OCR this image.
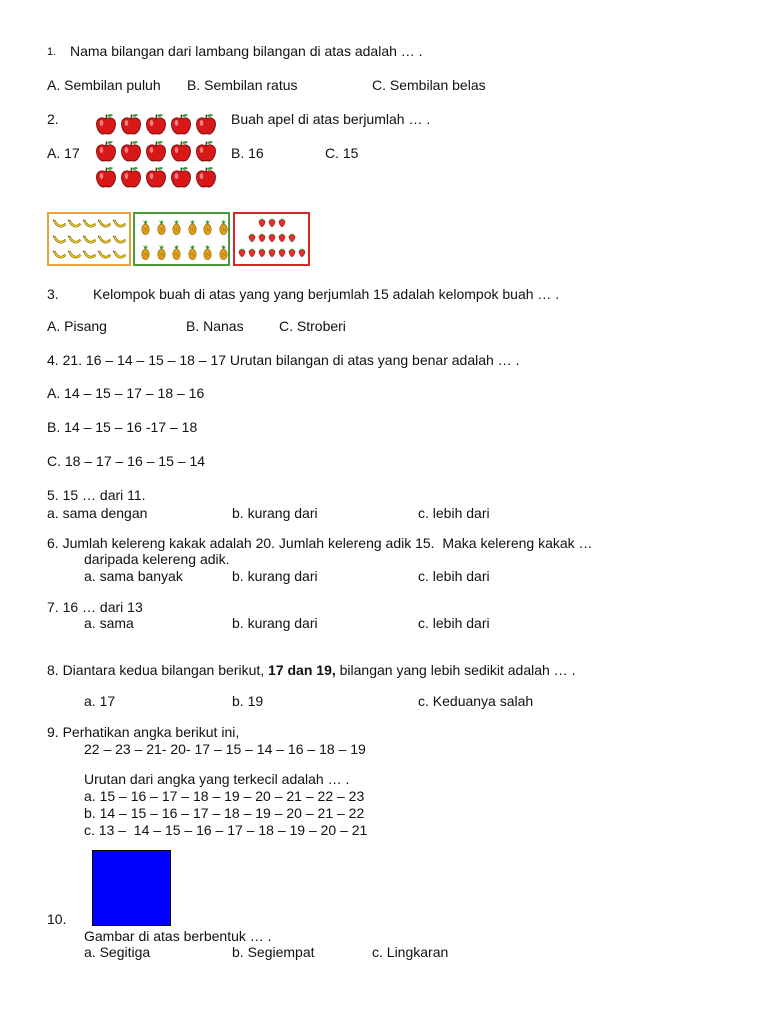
1. Nama bilangan dari lambang bilangan di atas adalah … .
A. Sembilan puluh B. Sembilan ratus	C. Sembilan belas
2.	Buah apel di atas berjumlah … .
A. 17	B. 16	C. 15
3. Kelompok buah di atas yang yang berjumlah 15 adalah kelompok buah … .
A. Pisang	B. Nanas	C. Stroberi
4. 21. 16 – 14 – 15 – 18 – 17 Urutan bilangan di atas yang benar adalah … .
A. 14 – 15 – 17 – 18 – 16
B. 14 – 15 – 16 -17 – 18
C. 18 – 17 – 16 – 15 – 14
5. 15 … dari 11.
a. sama dengan	b. kurang dari	c. lebih dari
6. Jumlah kelereng kakak adalah 20. Jumlah kelereng adik 15.  Maka kelereng kakak …
daripada kelereng adik.
a. sama banyak	b. kurang dari	c. lebih dari
7. 16 … dari 13
a. sama	b. kurang dari	c. lebih dari
8. Diantara kedua bilangan berikut, 17 dan 19, bilangan yang lebih sedikit adalah … .
a. 17	b. 19	c. Keduanya salah
9. Perhatikan angka berikut ini,
22 – 23 – 21- 20- 17 – 15 – 14 – 16 – 18 – 19
Urutan dari angka yang terkecil adalah … .
a. 15 – 16 – 17 – 18 – 19 – 20 – 21 – 22 – 23
b. 14 – 15 – 16 – 17 – 18 – 19 – 20 – 21 – 22
c. 13 –  14 – 15 – 16 – 17 – 18 – 19 – 20 – 21
10.
Gambar di atas berbentuk … .
a. Segitiga	b. Segiempat	c. Lingkaran
